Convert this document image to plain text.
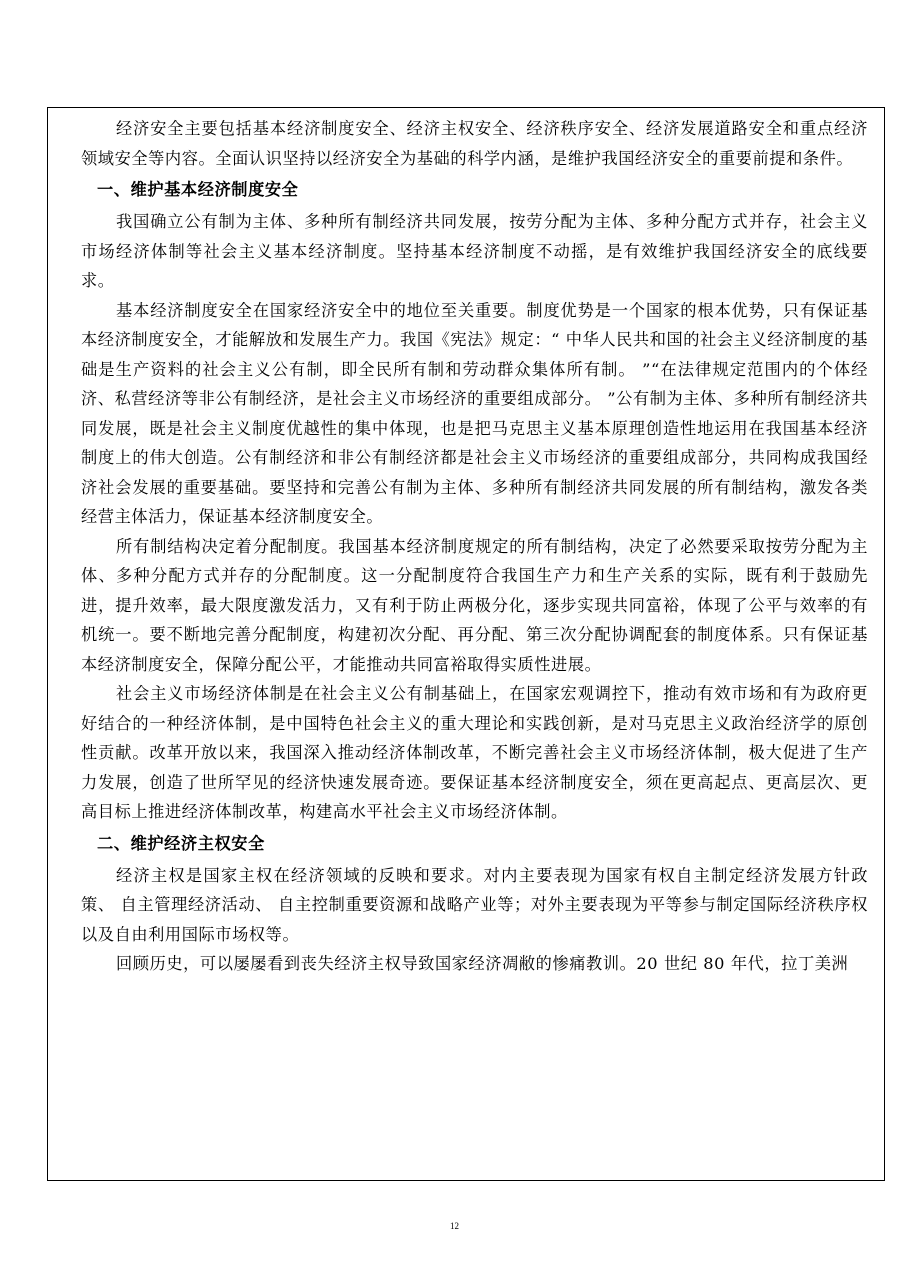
经济安全主要包括基本经济制度安全、经济主权安全、经济秩序安全、经济发展道路安全和重点经济领域安全等内容。全面认识坚持以经济安全为基础的科学内涵，是维护我国经济安全的重要前提和条件。

一、维护基本经济制度安全

我国确立公有制为主体、多种所有制经济共同发展，按劳分配为主体、多种分配方式并存，社会主义市场经济体制等社会主义基本经济制度。坚持基本经济制度不动摇，是有效维护我国经济安全的底线要求。

基本经济制度安全在国家经济安全中的地位至关重要。制度优势是一个国家的根本优势，只有保证基本经济制度安全，才能解放和发展生产力。我国《宪法》规定：“ 中华人民共和国的社会主义经济制度的基础是生产资料的社会主义公有制，即全民所有制和劳动群众集体所有制。 ”“在法律规定范围内的个体经济、私营经济等非公有制经济，是社会主义市场经济的重要组成部分。 ”公有制为主体、多种所有制经济共同发展，既是社会主义制度优越性的集中体现，也是把马克思主义基本原理创造性地运用在我国基本经济制度上的伟大创造。公有制经济和非公有制经济都是社会主义市场经济的重要组成部分，共同构成我国经济社会发展的重要基础。要坚持和完善公有制为主体、多种所有制经济共同发展的所有制结构，激发各类经营主体活力，保证基本经济制度安全。

所有制结构决定着分配制度。我国基本经济制度规定的所有制结构，决定了必然要采取按劳分配为主体、多种分配方式并存的分配制度。这一分配制度符合我国生产力和生产关系的实际，既有利于鼓励先进，提升效率，最大限度激发活力，又有利于防止两极分化，逐步实现共同富裕，体现了公平与效率的有机统一。要不断地完善分配制度，构建初次分配、再分配、第三次分配协调配套的制度体系。只有保证基本经济制度安全，保障分配公平，才能推动共同富裕取得实质性进展。

社会主义市场经济体制是在社会主义公有制基础上，在国家宏观调控下，推动有效市场和有为政府更好结合的一种经济体制，是中国特色社会主义的重大理论和实践创新，是对马克思主义政治经济学的原创性贡献。改革开放以来，我国深入推动经济体制改革，不断完善社会主义市场经济体制，极大促进了生产力发展，创造了世所罕见的经济快速发展奇迹。要保证基本经济制度安全，须在更高起点、更高层次、更高目标上推进经济体制改革，构建高水平社会主义市场经济体制。

二、维护经济主权安全

经济主权是国家主权在经济领域的反映和要求。对内主要表现为国家有权自主制定经济发展方针政策、 自主管理经济活动、 自主控制重要资源和战略产业等；对外主要表现为平等参与制定国际经济秩序权以及自由利用国际市场权等。

回顾历史，可以屡屡看到丧失经济主权导致国家经济凋敝的惨痛教训。20 世纪 80 年代，拉丁美洲

12
